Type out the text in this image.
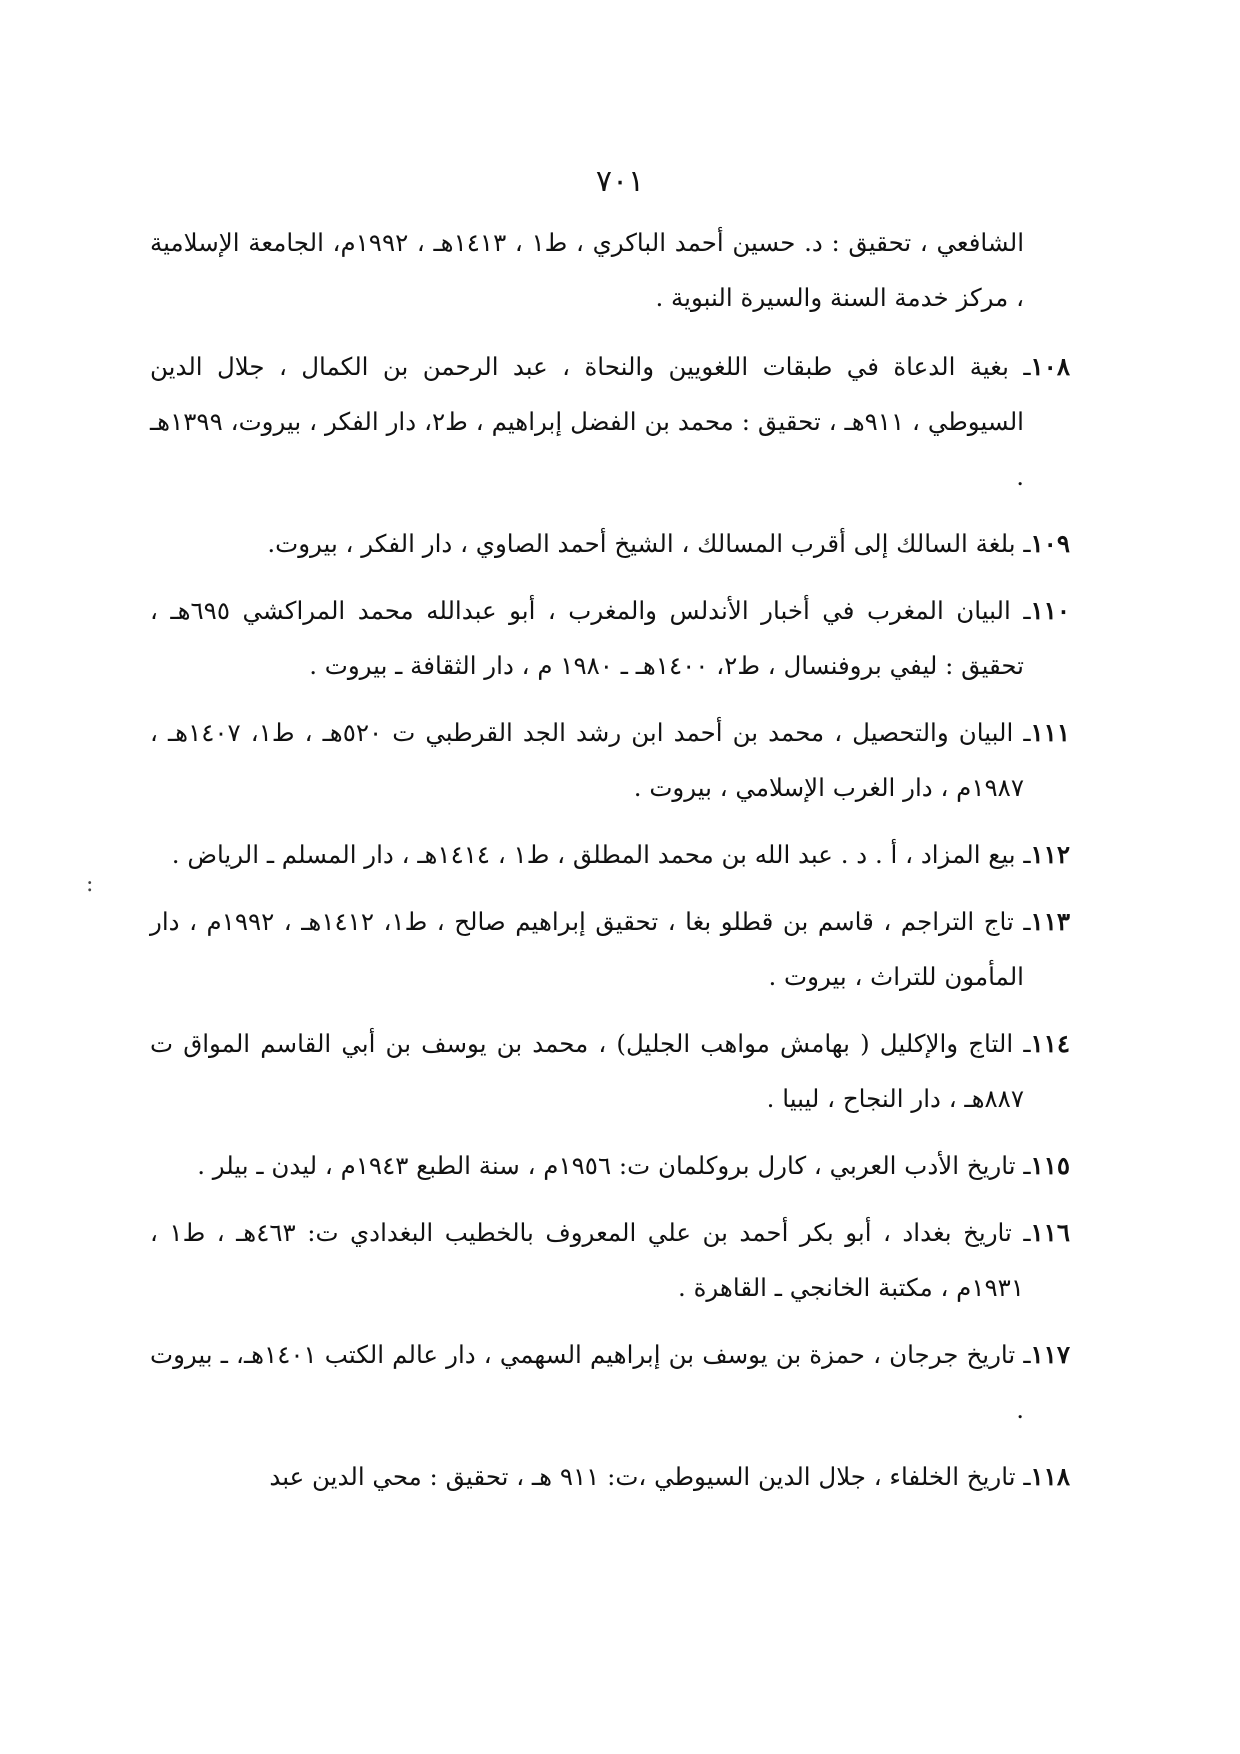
٧٠١
:

الشافعي ، تحقيق : د. حسين أحمد الباكري ، ط١ ، ١٤١٣هـ ، ١٩٩٢م، الجامعة الإسلامية ، مركز خدمة السنة والسيرة النبوية .

١٠٨ـ بغية الدعاة في طبقات اللغويين والنحاة ، عبد الرحمن بن الكمال ، جلال الدين السيوطي ، ٩١١هـ ، تحقيق : محمد بن الفضل إبراهيم ، ط٢، دار الفكر ، بيروت، ١٣٩٩هـ .

١٠٩ـ بلغة السالك إلى أقرب المسالك ، الشيخ أحمد الصاوي ، دار الفكر ، بيروت.

١١٠ـ البيان المغرب في أخبار الأندلس والمغرب ، أبو عبدالله محمد المراكشي ٦٩٥هـ ، تحقيق : ليفي بروفنسال ، ط٢، ١٤٠٠هـ ـ ١٩٨٠ م ، دار الثقافة ـ بيروت .

١١١ـ البيان والتحصيل ، محمد بن أحمد ابن رشد الجد القرطبي ت ٥٢٠هـ ، ط١، ١٤٠٧هـ ، ١٩٨٧م ، دار الغرب الإسلامي ، بيروت .

١١٢ـ بيع المزاد ، أ . د . عبد الله بن محمد المطلق ، ط١ ، ١٤١٤هـ ، دار المسلم ـ الرياض .

١١٣ـ تاج التراجم ، قاسم بن قطلو بغا ، تحقيق إبراهيم صالح ، ط١، ١٤١٢هـ ، ١٩٩٢م ، دار المأمون للتراث ، بيروت .

١١٤ـ التاج والإكليل ( بهامش مواهب الجليل) ، محمد بن يوسف بن أبي القاسم المواق ت ٨٨٧هـ ، دار النجاح ، ليبيا .

١١٥ـ تاريخ الأدب العربي ، كارل بروكلمان ت: ١٩٥٦م ، سنة الطبع ١٩٤٣م ، ليدن ـ بيلر .

١١٦ـ تاريخ بغداد ، أبو بكر أحمد بن علي المعروف بالخطيب البغدادي ت: ٤٦٣هـ ، ط١ ، ١٩٣١م ، مكتبة الخانجي ـ القاهرة .

١١٧ـ تاريخ جرجان ، حمزة بن يوسف بن إبراهيم السهمي ، دار عالم الكتب ١٤٠١هـ، ـ بيروت .

١١٨ـ تاريخ الخلفاء ، جلال الدين السيوطي ،ت: ٩١١ هـ ، تحقيق : محي الدين عبد
